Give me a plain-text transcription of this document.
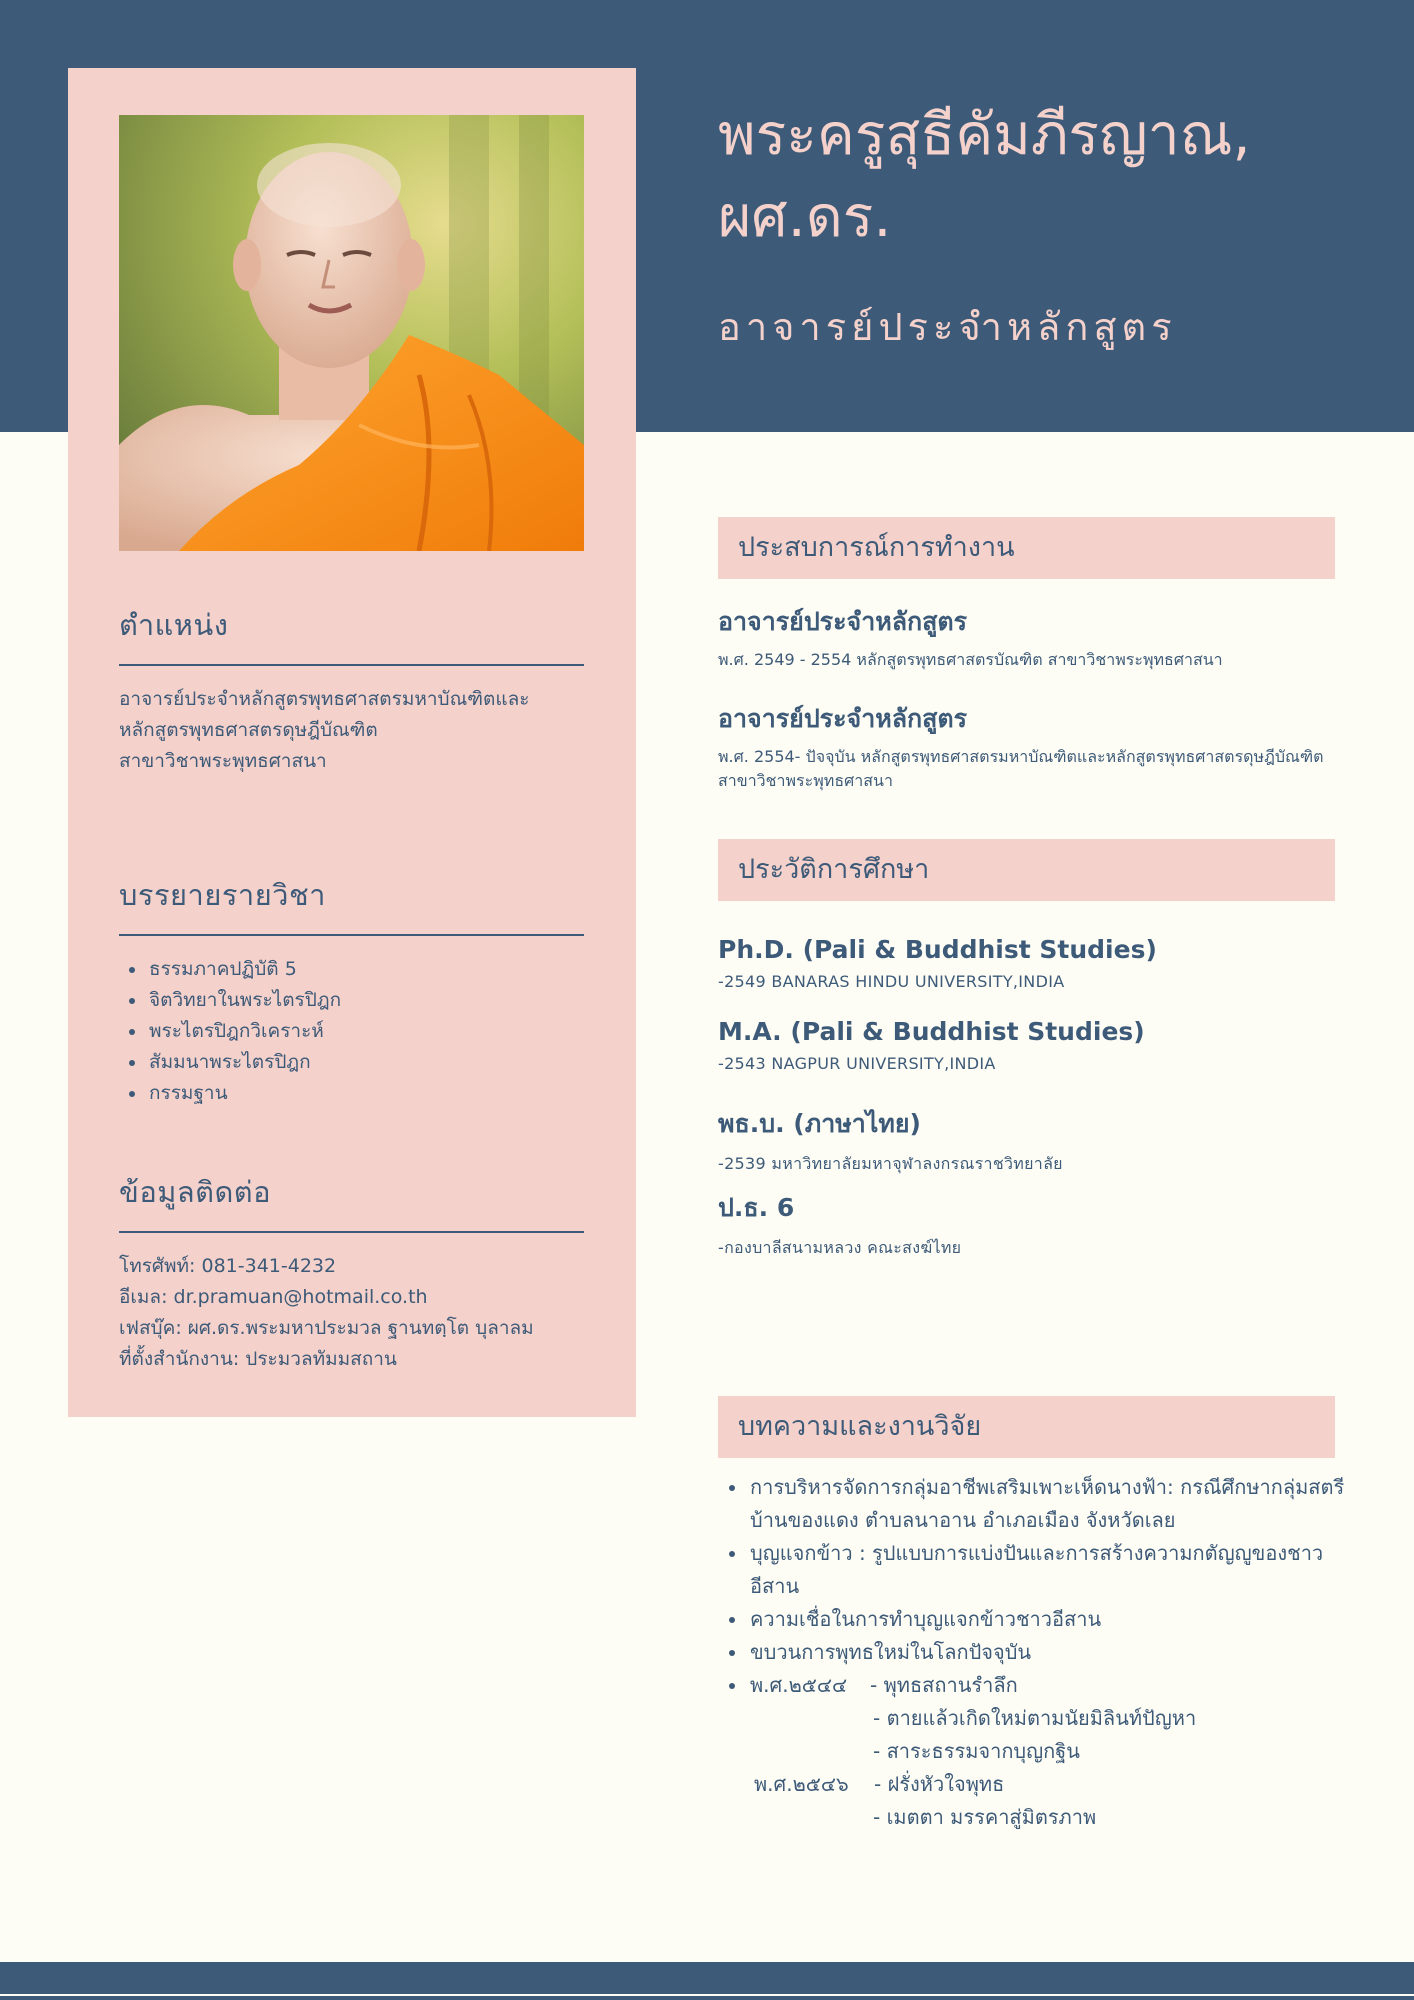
ตำแหน่ง

อาจารย์ประจำหลักสูตรพุทธศาสตรมหาบัณฑิตและ

หลักสูตรพุทธศาสตรดุษฎีบัณฑิต

สาขาวิชาพระพุทธศาสนา

บรรยายรายวิชา
• ธรรมภาคปฏิบัติ 5
• จิตวิทยาในพระไตรปิฎก
• พระไตรปิฎกวิเคราะห์
• สัมมนาพระไตรปิฎก
• กรรมฐาน
ข้อมูลติดต่อ

โทรศัพท์: 081-341-4232

อีเมล: dr.pramuan@hotmail.co.th

เฟสบุ๊ค: ผศ.ดร.พระมหาประมวล ฐานทตฺโต บุลาลม

ที่ตั้งสำนักงาน: ประมวลทัมมสถาน

พระครูสุธีคัมภีรญาณ,
ผศ.ดร.
อาจารย์ประจำหลักสูตร
ประสบการณ์การทำงาน
อาจารย์ประจำหลักสูตร
พ.ศ. 2549 - 2554 หลักสูตรพุทธศาสตรบัณฑิต สาขาวิชาพระพุทธศาสนา
อาจารย์ประจำหลักสูตร
พ.ศ. 2554- ปัจจุบัน หลักสูตรพุทธศาสตรมหาบัณฑิตและหลักสูตรพุทธศาสตรดุษฎีบัณฑิต สาขาวิชาพระพุทธศาสนา
ประวัติการศึกษา
Ph.D. (Pali & Buddhist Studies)
-2549 BANARAS HINDU UNIVERSITY,INDIA
M.A. (Pali & Buddhist Studies)
-2543 NAGPUR UNIVERSITY,INDIA
พธ.บ. (ภาษาไทย)
-2539 มหาวิทยาลัยมหาจุฬาลงกรณราชวิทยาลัย
ป.ธ. 6
-กองบาลีสนามหลวง คณะสงฆ์ไทย
บทความและงานวิจัย
• การบริหารจัดการกลุ่มอาชีพเสริมเพาะเห็ดนางฟ้า: กรณีศึกษากลุ่มสตรีบ้านของแดง ตำบลนาอาน อำเภอเมือง จังหวัดเลย
• บุญแจกข้าว : รูปแบบการแบ่งปันและการสร้างความกตัญญูของชาวอีสาน
• ความเชื่อในการทำบุญแจกข้าวชาวอีสาน
• ขบวนการพุทธใหม่ในโลกปัจจุบัน
• พ.ศ.๒๕๔๔ - พุทธสถานรำลึก
- ตายแล้วเกิดใหม่ตามนัยมิลินท์ปัญหา
- สาระธรรมจากบุญกฐิน
พ.ศ.๒๕๔๖ - ฝรั่งหัวใจพุทธ
- เมตตา มรรคาสู่มิตรภาพ
